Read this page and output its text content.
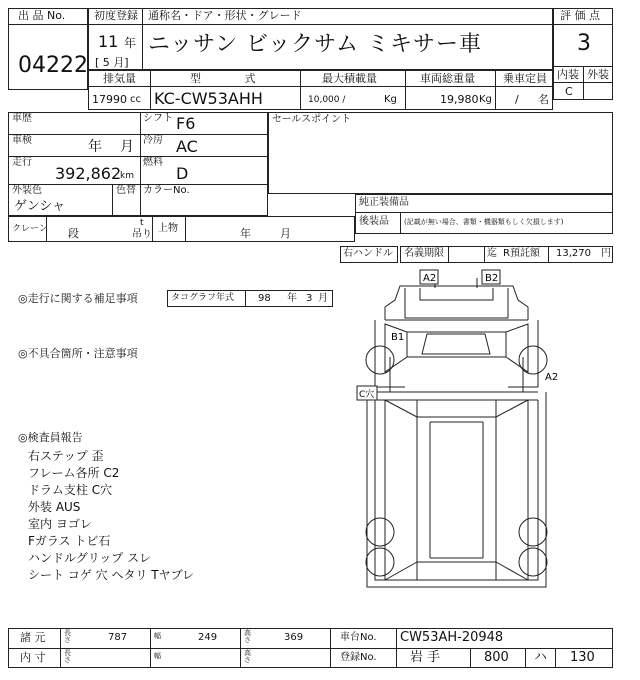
出 品 No.
04222
初度登録 通称名・ドア・形状・グレード
11 年
[ 5 月]
ニッサン ビックサム ミキサー車
評 価 点
3
内装 外装
C
排気量	型 式	最大積載量	車両総重量	乗車定員
17990 cc KC-CW53AHH	10,000 /	Kg	19,980 Kg / 名
車歴	シフト F6
車検	年 月 冷房 AC
走行
392,862
km
燃料
D
外装色	色替 カラーNo.
ゲンシャ
セールスポイント
純正装備品
後装品 (記載が無い場合、書類・機器類もしく欠損します)
クレーン 段
t
吊り
上物	年	月
右ハンドル 名義期限	迄 R預託額 13,270 円
◎走行に関する補足事項	タコグラフ年式 98 年 3 月
◎不具合箇所・注意事項
◎検査員報告
右ステップ 歪
フレーム各所 C2
ドラム支柱 C穴
外装 AUS
室内 ヨゴレ
Fガラス トビ石
ハンドルグリップ スレ
シート コゲ 穴 ヘタリ Tヤブレ
A2	B2
B1
A2
C穴
諸 元	長さ	787	幅	249	高さ	369	車台No. CW53AH-20948
内 寸	長さ	幅	高さ	登録No.	岩 手	800 ハ 130
